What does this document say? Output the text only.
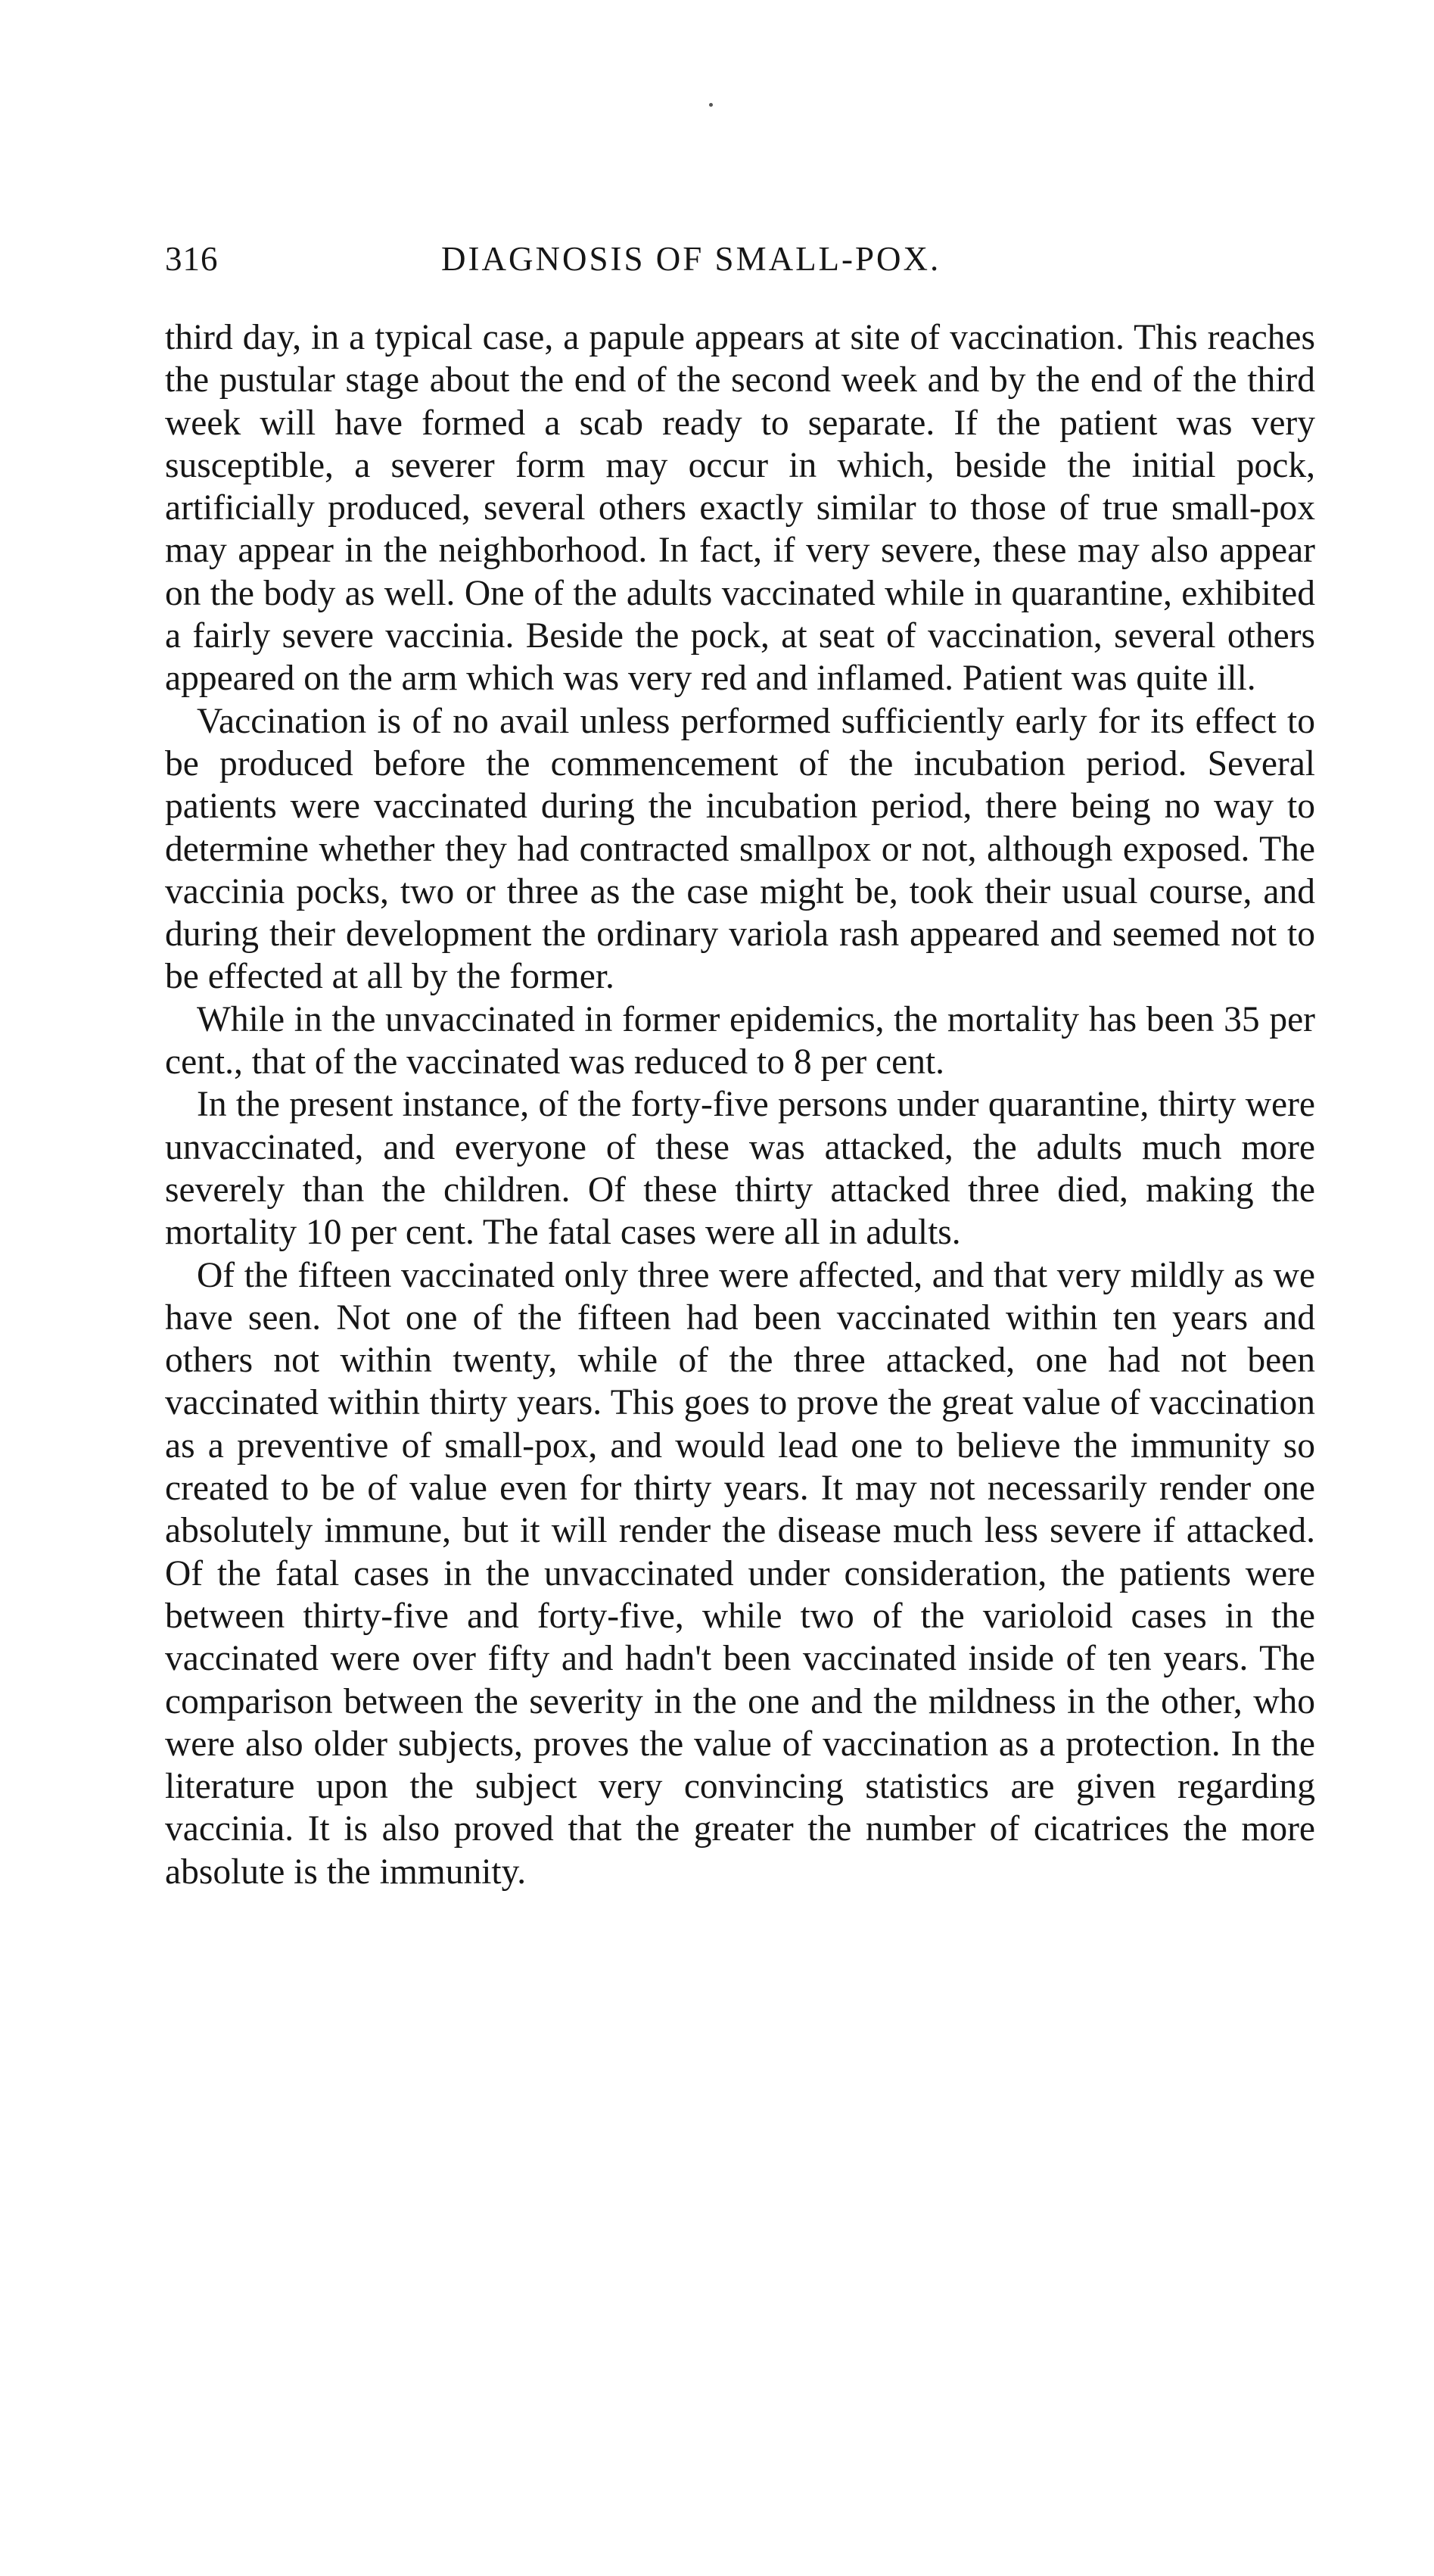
316	DIAGNOSIS OF SMALL-POX.

third day, in a typical case, a papule appears at site of vaccination. This reaches the pustular stage about the end of the second week and by the end of the third week will have formed a scab ready to separate. If the patient was very susceptible, a severer form may occur in which, beside the initial pock, artificially produced, several others exactly similar to those of true small-pox may appear in the neighborhood. In fact, if very severe, these may also appear on the body as well. One of the adults vaccinated while in quarantine, exhibited a fairly severe vaccinia. Beside the pock, at seat of vaccination, several others appeared on the arm which was very red and inflamed. Patient was quite ill.

Vaccination is of no avail unless performed sufficiently early for its effect to be produced before the commencement of the incubation period. Several patients were vaccinated during the incubation period, there being no way to determine whether they had contracted smallpox or not, although exposed. The vaccinia pocks, two or three as the case might be, took their usual course, and during their development the ordinary variola rash appeared and seemed not to be effected at all by the former.

While in the unvaccinated in former epidemics, the mortality has been 35 per cent., that of the vaccinated was reduced to 8 per cent.

In the present instance, of the forty-five persons under quarantine, thirty were unvaccinated, and everyone of these was attacked, the adults much more severely than the children. Of these thirty attacked three died, making the mortality 10 per cent. The fatal cases were all in adults.

Of the fifteen vaccinated only three were affected, and that very mildly as we have seen. Not one of the fifteen had been vaccinated within ten years and others not within twenty, while of the three attacked, one had not been vaccinated within thirty years. This goes to prove the great value of vaccination as a preventive of small-pox, and would lead one to believe the immunity so created to be of value even for thirty years. It may not necessarily render one absolutely immune, but it will render the disease much less severe if attacked. Of the fatal cases in the unvaccinated under consideration, the patients were between thirty-five and forty-five, while two of the varioloid cases in the vaccinated were over fifty and hadn't been vaccinated inside of ten years. The comparison between the severity in the one and the mildness in the other, who were also older subjects, proves the value of vaccination as a protection. In the literature upon the subject very convincing statistics are given regarding vaccinia. It is also proved that the greater the number of cicatrices the more absolute is the immunity.
